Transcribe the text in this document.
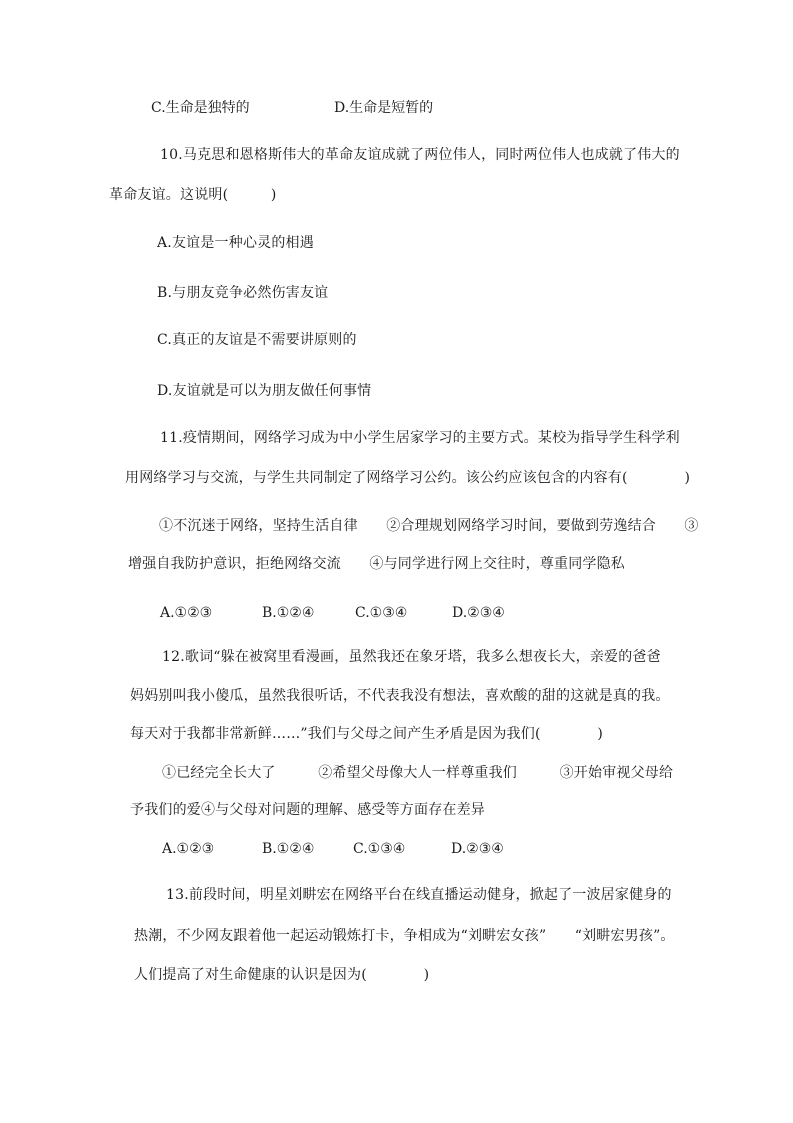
C.生命是独特的	D.生命是短暂的
10.马克思和恩格斯伟大的革命友谊成就了两位伟人，同时两位伟人也成就了伟大的
革命友谊。这说明(　　　)
A.友谊是一种心灵的相遇
B.与朋友竞争必然伤害友谊
C.真正的友谊是不需要讲原则的
D.友谊就是可以为朋友做任何事情
11.疫情期间，网络学习成为中小学生居家学习的主要方式。某校为指导学生科学利
用网络学习与交流，与学生共同制定了网络学习公约。该公约应该包含的内容有(　　　　)
①不沉迷于网络，坚持生活自律　　②合理规划网络学习时间，要做到劳逸结合　　③
增强自我防护意识，拒绝网络交流　　④与同学进行网上交往时，尊重同学隐私
A.①②③	B.①②④	C.①③④	D.②③④
12.歌词“躲在被窝里看漫画，虽然我还在象牙塔，我多么想夜长大，亲爱的爸爸
妈妈别叫我小傻瓜，虽然我很听话，不代表我没有想法，喜欢酸的甜的这就是真的我。
每天对于我都非常新鲜……”我们与父母之间产生矛盾是因为我们(　　　　)
①已经完全长大了　　　②希望父母像大人一样尊重我们　　　③开始审视父母给
予我们的爱④与父母对问题的理解、感受等方面存在差异
A.①②③	B.①②④	C.①③④	D.②③④
13.前段时间，明星刘畊宏在网络平台在线直播运动健身，掀起了一波居家健身的
热潮，不少网友跟着他一起运动锻炼打卡，争相成为“刘畊宏女孩”　　“刘畊宏男孩”。
人们提高了对生命健康的认识是因为(　　　　)
